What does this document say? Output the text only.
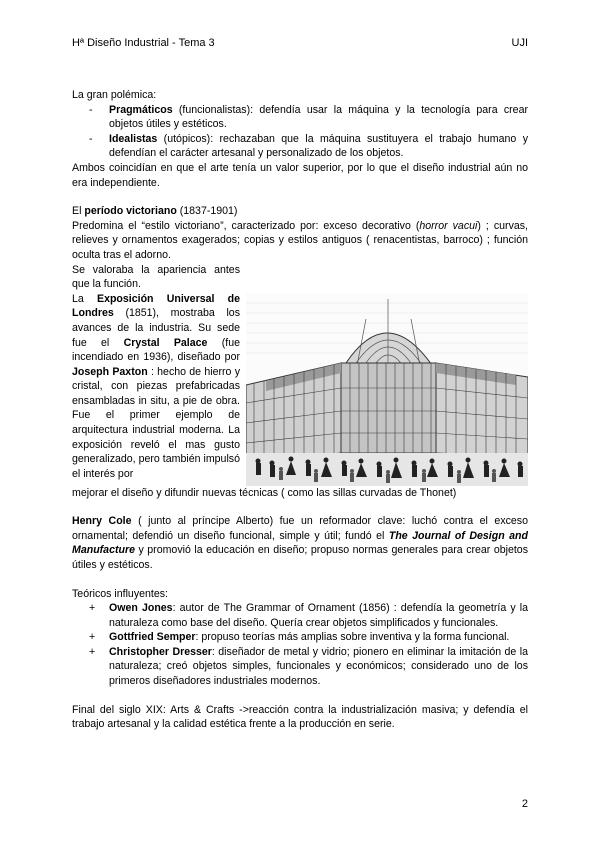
Hª Diseño Industrial - Tema 3	UJI

La gran polémica:

-	Pragmáticos (funcionalistas): defendía usar la máquina y la tecnología para crear objetos útiles y estéticos.
-	Idealistas (utópicos): rechazaban que la máquina sustituyera el trabajo humano y defendían el carácter artesanal y personalizado de los objetos.

Ambos coincidían en que el arte tenía un valor superior, por lo que el diseño industrial aún no era independiente.

El período victoriano (1837-1901)

Predomina el “estilo victoriano”, caracterizado por: exceso decorativo (horror vacui) ; curvas, relieves y ornamentos exagerados; copias y estilos antiguos ( renacentistas, barroco) ; función oculta tras el adorno.

Se valoraba la apariencia antes que la función.

La Exposición Universal de Londres (1851), mostraba los avances de la industria. Su sede fue el Crystal Palace (fue incendiado en 1936), diseñado por Joseph Paxton : hecho de hierro y cristal, con piezas prefabricadas ensambladas in situ, a pie de obra. Fue el primer ejemplo de arquitectura industrial moderna. La exposición reveló el mas gusto generalizado, pero también impulsó el interés por

mejorar el diseño y difundir nuevas técnicas ( como las sillas curvadas de Thonet)

Henry Cole ( junto al príncipe Alberto) fue un reformador clave: luchó contra el exceso ornamental; defendió un diseño funcional, simple y útil; fundó el The Journal of Design and Manufacture y promovió la educación en diseño; propuso normas generales para crear objetos útiles y estéticos.

Teóricos influyentes:

+	Owen Jones: autor de The Grammar of Ornament (1856) : defendía la geometría y la naturaleza como base del diseño. Quería crear objetos simplificados y funcionales.
+	Gottfried Semper: propuso teorías más amplias sobre inventiva y la forma funcional.
+	Christopher Dresser: diseñador de metal y vidrio; pionero en eliminar la imitación de la naturaleza; creó objetos simples, funcionales y económicos; considerado uno de los primeros diseñadores industriales modernos.

Final del siglo XIX: Arts & Crafts ->reacción contra la industrialización masiva; y defendía el trabajo artesanal y la calidad estética frente a la producción en serie.

2
